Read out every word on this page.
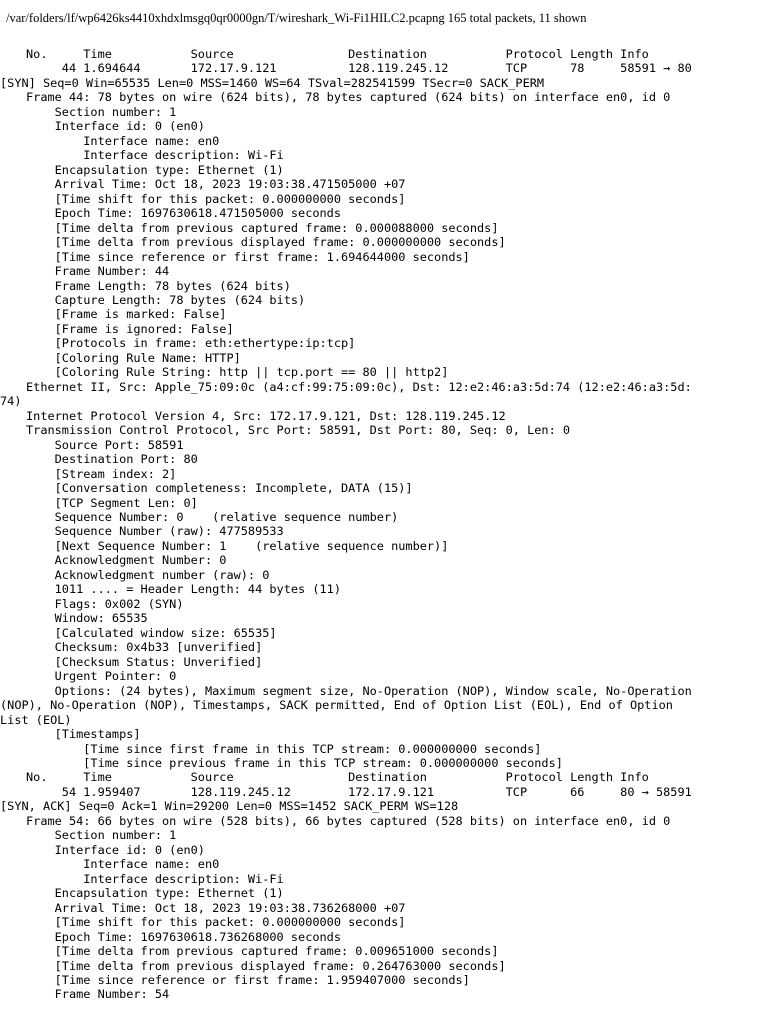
/var/folders/lf/wp6426ks4410xhdxlmsgq0qr0000gn/T/wireshark_Wi-Fi1HILC2.pcapng 165 total packets, 11 shown
No.     Time           Source                Destination           Protocol Length Info
44 1.694644       172.17.9.121          128.119.245.12        TCP      78     58591 → 80
[SYN] Seq=0 Win=65535 Len=0 MSS=1460 WS=64 TSval=282541599 TSecr=0 SACK_PERM
Frame 44: 78 bytes on wire (624 bits), 78 bytes captured (624 bits) on interface en0, id 0
Section number: 1
Interface id: 0 (en0)
Interface name: en0
Interface description: Wi-Fi
Encapsulation type: Ethernet (1)
Arrival Time: Oct 18, 2023 19:03:38.471505000 +07
[Time shift for this packet: 0.000000000 seconds]
Epoch Time: 1697630618.471505000 seconds
[Time delta from previous captured frame: 0.000088000 seconds]
[Time delta from previous displayed frame: 0.000000000 seconds]
[Time since reference or first frame: 1.694644000 seconds]
Frame Number: 44
Frame Length: 78 bytes (624 bits)
Capture Length: 78 bytes (624 bits)
[Frame is marked: False]
[Frame is ignored: False]
[Protocols in frame: eth:ethertype:ip:tcp]
[Coloring Rule Name: HTTP]
[Coloring Rule String: http || tcp.port == 80 || http2]
Ethernet II, Src: Apple_75:09:0c (a4:cf:99:75:09:0c), Dst: 12:e2:46:a3:5d:74 (12:e2:46:a3:5d:
74)
Internet Protocol Version 4, Src: 172.17.9.121, Dst: 128.119.245.12
Transmission Control Protocol, Src Port: 58591, Dst Port: 80, Seq: 0, Len: 0
Source Port: 58591
Destination Port: 80
[Stream index: 2]
[Conversation completeness: Incomplete, DATA (15)]
[TCP Segment Len: 0]
Sequence Number: 0    (relative sequence number)
Sequence Number (raw): 477589533
[Next Sequence Number: 1    (relative sequence number)]
Acknowledgment Number: 0
Acknowledgment number (raw): 0
1011 .... = Header Length: 44 bytes (11)
Flags: 0x002 (SYN)
Window: 65535
[Calculated window size: 65535]
Checksum: 0x4b33 [unverified]
[Checksum Status: Unverified]
Urgent Pointer: 0
Options: (24 bytes), Maximum segment size, No-Operation (NOP), Window scale, No-Operation
(NOP), No-Operation (NOP), Timestamps, SACK permitted, End of Option List (EOL), End of Option
List (EOL)
[Timestamps]
[Time since first frame in this TCP stream: 0.000000000 seconds]
[Time since previous frame in this TCP stream: 0.000000000 seconds]
No.     Time           Source                Destination           Protocol Length Info
54 1.959407       128.119.245.12        172.17.9.121          TCP      66     80 → 58591
[SYN, ACK] Seq=0 Ack=1 Win=29200 Len=0 MSS=1452 SACK_PERM WS=128
Frame 54: 66 bytes on wire (528 bits), 66 bytes captured (528 bits) on interface en0, id 0
Section number: 1
Interface id: 0 (en0)
Interface name: en0
Interface description: Wi-Fi
Encapsulation type: Ethernet (1)
Arrival Time: Oct 18, 2023 19:03:38.736268000 +07
[Time shift for this packet: 0.000000000 seconds]
Epoch Time: 1697630618.736268000 seconds
[Time delta from previous captured frame: 0.009651000 seconds]
[Time delta from previous displayed frame: 0.264763000 seconds]
[Time since reference or first frame: 1.959407000 seconds]
Frame Number: 54
